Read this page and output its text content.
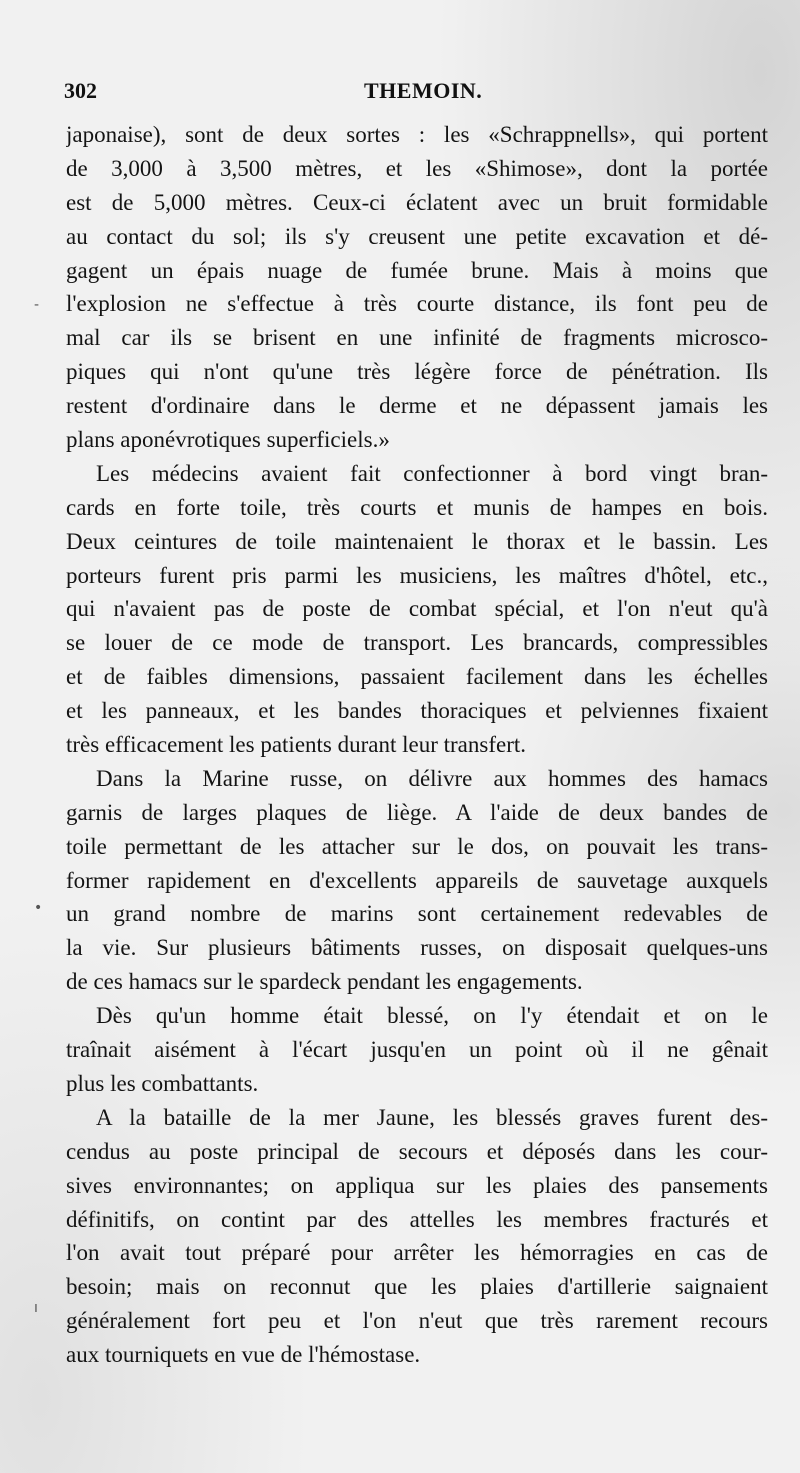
302	THEMOIN.
japonaise), sont de deux sortes : les «Schrappnells», qui portent
de 3,000 à 3,500 mètres, et les «Shimose», dont la portée
est de 5,000 mètres. Ceux-ci éclatent avec un bruit formidable
au contact du sol; ils s'y creusent une petite excavation et dé-
gagent un épais nuage de fumée brune. Mais à moins que
l'explosion ne s'effectue à très courte distance, ils font peu de
mal car ils se brisent en une infinité de fragments microsco-
piques qui n'ont qu'une très légère force de pénétration. Ils
restent d'ordinaire dans le derme et ne dépassent jamais les
plans aponévrotiques superficiels.»
Les médecins avaient fait confectionner à bord vingt bran-
cards en forte toile, très courts et munis de hampes en bois.
Deux ceintures de toile maintenaient le thorax et le bassin. Les
porteurs furent pris parmi les musiciens, les maîtres d'hôtel, etc.,
qui n'avaient pas de poste de combat spécial, et l'on n'eut qu'à
se louer de ce mode de transport. Les brancards, compressibles
et de faibles dimensions, passaient facilement dans les échelles
et les panneaux, et les bandes thoraciques et pelviennes fixaient
très efficacement les patients durant leur transfert.
Dans la Marine russe, on délivre aux hommes des hamacs
garnis de larges plaques de liège. A l'aide de deux bandes de
toile permettant de les attacher sur le dos, on pouvait les trans-
former rapidement en d'excellents appareils de sauvetage auxquels
un grand nombre de marins sont certainement redevables de
la vie. Sur plusieurs bâtiments russes, on disposait quelques-uns
de ces hamacs sur le spardeck pendant les engagements.
Dès qu'un homme était blessé, on l'y étendait et on le
traînait aisément à l'écart jusqu'en un point où il ne gênait
plus les combattants.
A la bataille de la mer Jaune, les blessés graves furent des-
cendus au poste principal de secours et déposés dans les cour-
sives environnantes; on appliqua sur les plaies des pansements
définitifs, on contint par des attelles les membres fracturés et
l'on avait tout préparé pour arrêter les hémorragies en cas de
besoin; mais on reconnut que les plaies d'artillerie saignaient
généralement fort peu et l'on n'eut que très rarement recours
aux tourniquets en vue de l'hémostase.
-
•
ı
